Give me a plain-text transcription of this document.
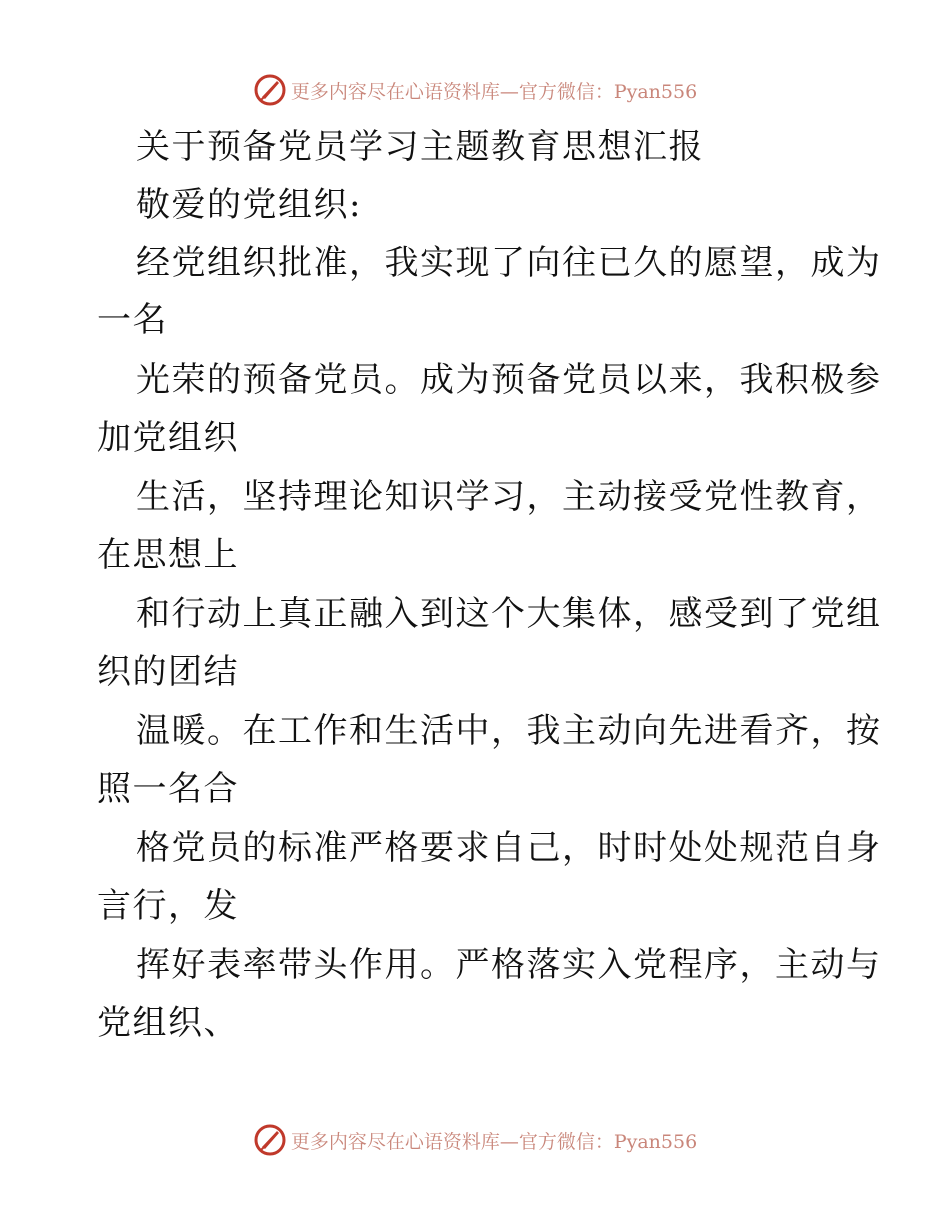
更多内容尽在心语资料库—官方微信：Pyan556
关于预备党员学习主题教育思想汇报
敬爱的党组织:
经党组织批准，我实现了向往已久的愿望，成为
一名
光荣的预备党员。成为预备党员以来，我积极参
加党组织
生活，坚持理论知识学习，主动接受党性教育，
在思想上
和行动上真正融入到这个大集体，感受到了党组
织的团结
温暖。在工作和生活中，我主动向先进看齐，按
照一名合
格党员的标准严格要求自己，时时处处规范自身
言行，发
挥好表率带头作用。严格落实入党程序，主动与
党组织、
更多内容尽在心语资料库—官方微信：Pyan556
